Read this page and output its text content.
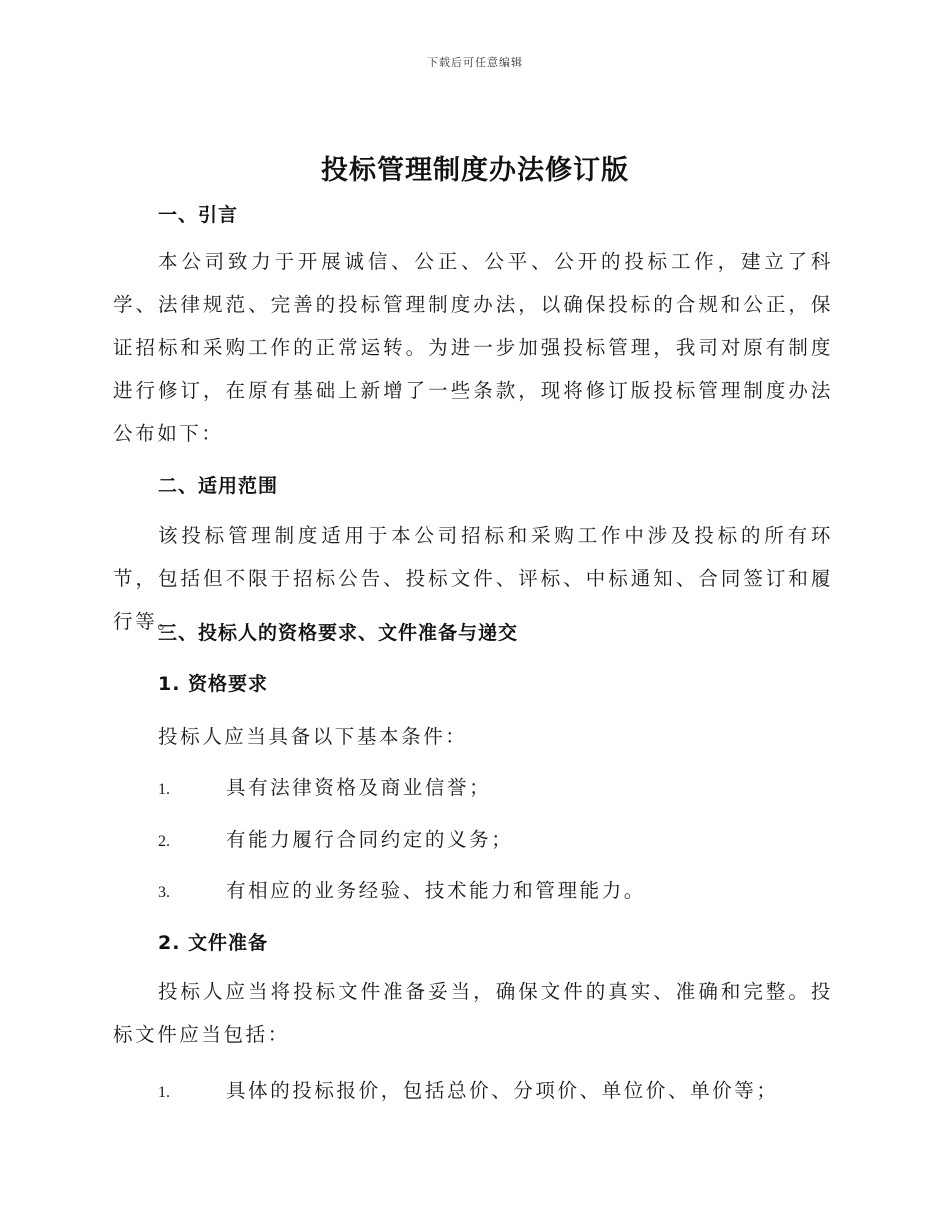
下载后可任意编辑
投标管理制度办法修订版
一、引言
本公司致力于开展诚信、公正、公平、公开的投标工作，建立了科学、法律规范、完善的投标管理制度办法，以确保投标的合规和公正，保证招标和采购工作的正常运转。为进一步加强投标管理，我司对原有制度进行修订，在原有基础上新增了一些条款，现将修订版投标管理制度办法公布如下：
二、适用范围
该投标管理制度适用于本公司招标和采购工作中涉及投标的所有环节，包括但不限于招标公告、投标文件、评标、中标通知、合同签订和履行等。
三、投标人的资格要求、文件准备与递交
1. 资格要求
投标人应当具备以下基本条件：
1.	具有法律资格及商业信誉；
2.	有能力履行合同约定的义务；
3.	有相应的业务经验、技术能力和管理能力。
2. 文件准备
投标人应当将投标文件准备妥当，确保文件的真实、准确和完整。投标文件应当包括：
1.	具体的投标报价，包括总价、分项价、单位价、单价等；
